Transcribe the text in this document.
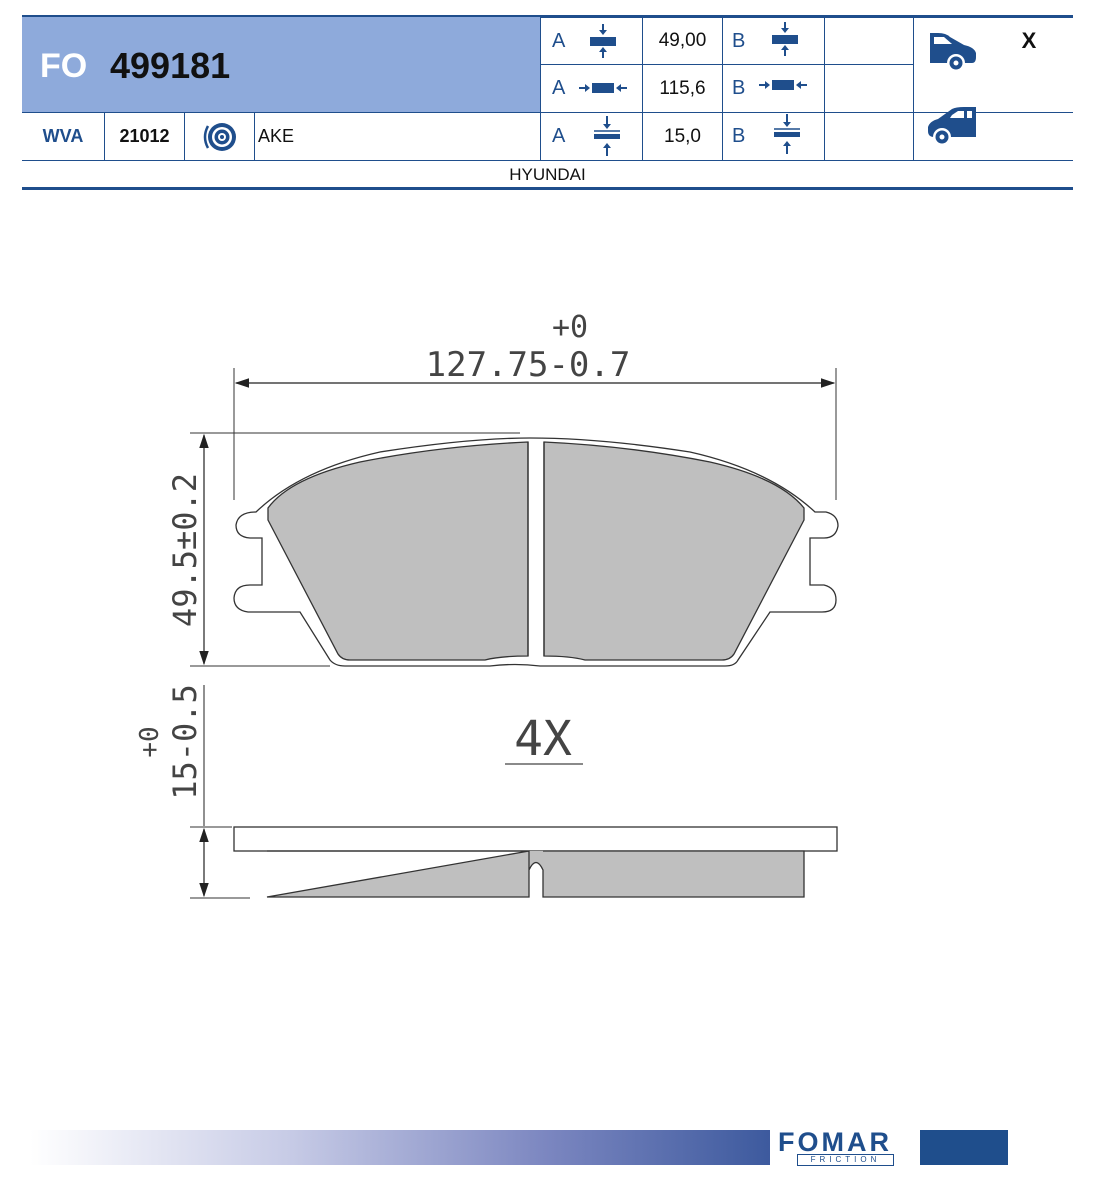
FO 499181
WVA 21012	AKE
A	49,00 B
A	115,6 B
A	15,0 B
X
HYUNDAI
+0
127.75-0.7
49.5±0.2
4X
+0 15-0.5
FOMAR
FRICTION
